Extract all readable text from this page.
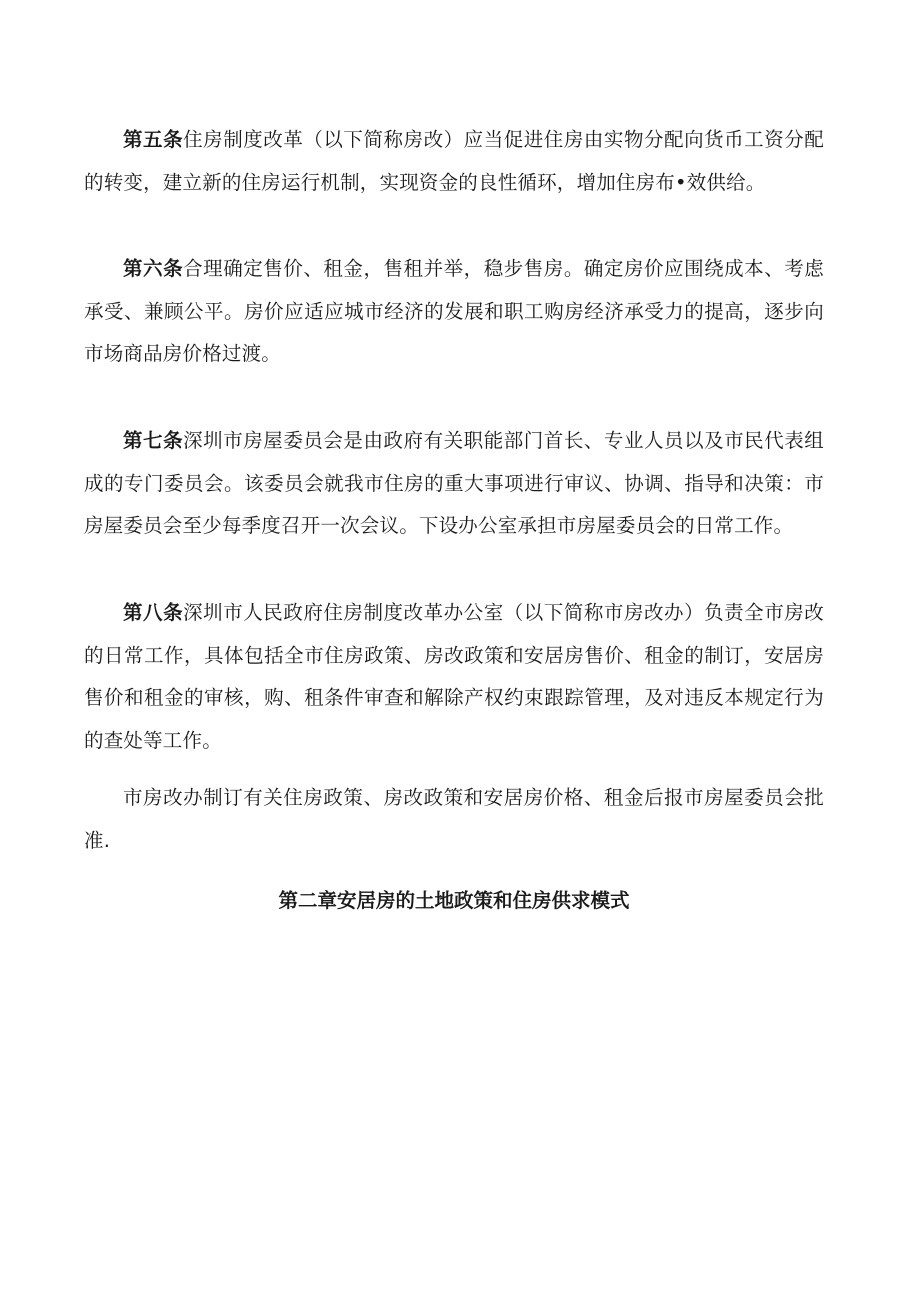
第五条住房制度改革（以下简称房改）应当促进住房由实物分配向货币工资分配的转变，建立新的住房运行机制，实现资金的良性循环，增加住房布•效供给。

第六条合理确定售价、租金，售租并举，稳步售房。确定房价应围绕成本、考虑承受、兼顾公平。房价应适应城市经济的发展和职工购房经济承受力的提高，逐步向市场商品房价格过渡。

第七条深圳市房屋委员会是由政府有关职能部门首长、专业人员以及市民代表组成的专门委员会。该委员会就我市住房的重大事项进行审议、协调、指导和决策：市房屋委员会至少每季度召开一次会议。下设办公室承担市房屋委员会的日常工作。

第八条深圳市人民政府住房制度改革办公室（以下简称市房改办）负责全市房改的日常工作，具体包括全市住房政策、房改政策和安居房售价、租金的制订，安居房售价和租金的审核，购、租条件审查和解除产权约束跟踪管理，及对违反本规定行为的查处等工作。

市房改办制订有关住房政策、房改政策和安居房价格、租金后报市房屋委员会批准.

第二章安居房的土地政策和住房供求模式
